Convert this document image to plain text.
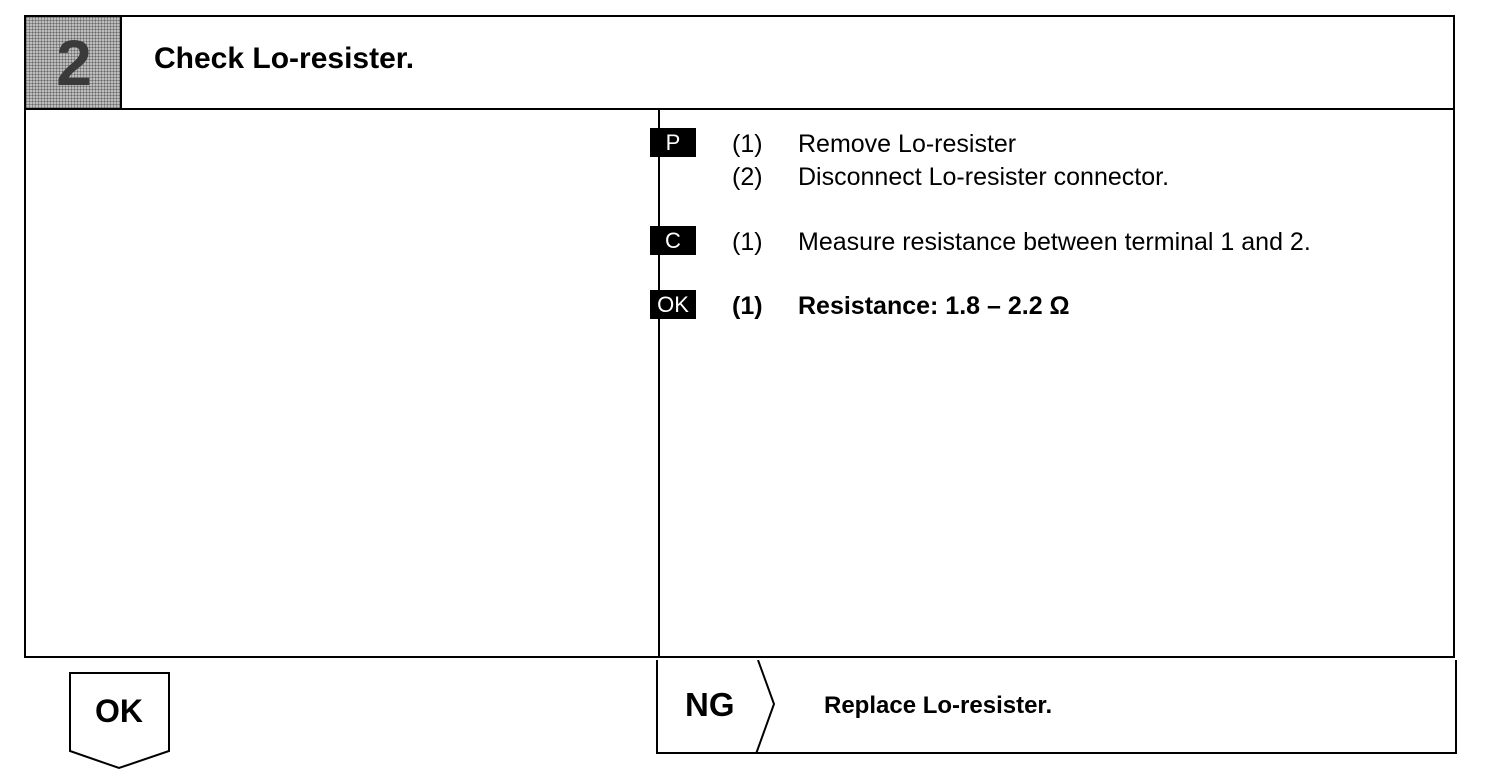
2 Check Lo-resister.
P	(1)	Remove Lo-resister
(2)	Disconnect Lo-resister connector.
C	(1)	Measure resistance between terminal 1 and 2.
OK (1)	Resistance: 1.8 – 2.2 Ω
OK	NG	Replace Lo-resister.
